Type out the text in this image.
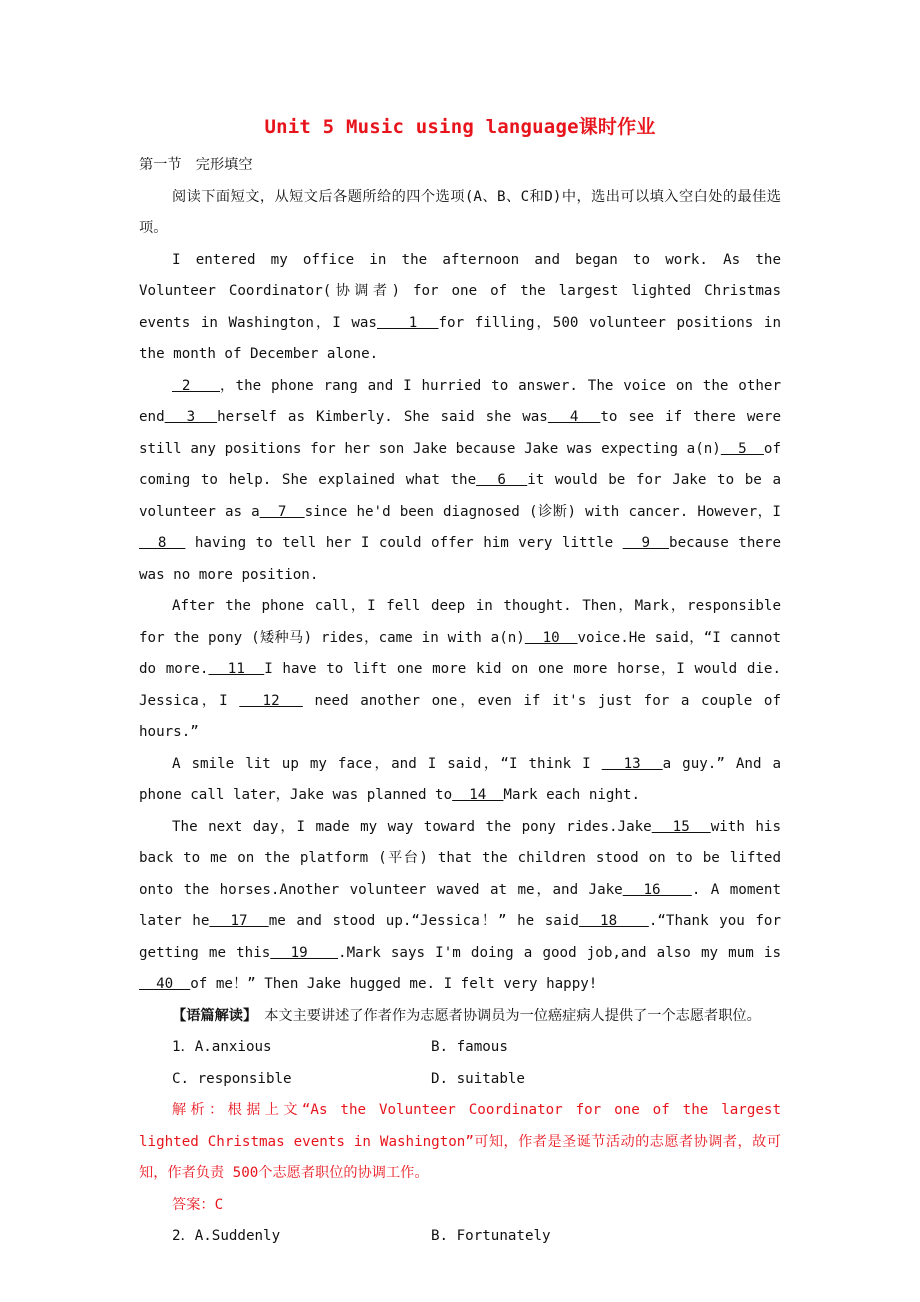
Unit 5 Music using language课时作业

第一节　完形填空

阅读下面短文，从短文后各题所给的四个选项(A、B、C和D)中，选出可以填入空白处的最佳选项。

I entered my office in the afternoon and began to work. As the Volunteer Coordinator(协调者) for one of the largest lighted Christmas events in Washington，I was   1  for filling，500 volunteer positions in the month of December alone.

2   ，the phone rang and I hurried to answer. The voice on the other end  3  herself as Kimberly. She said she was  4  to see if there were still any positions for her son Jake because Jake was expecting a(n)  5  of coming to help. She explained what the  6  it would be for Jake to be a volunteer as a  7  since he'd been diagnosed (诊断) with cancer. However，I   8   having to tell her I could offer him very little   9  because there was no more position.

After the phone call，I fell deep in thought. Then，Mark，responsible for the pony (矮种马) rides，came in with a(n)  10  voice.He said，“I cannot do more.  11  I have to lift one more kid on one more horse，I would die. Jessica，I   12   need another one，even if it's just for a couple of hours.”

A smile lit up my face，and I said，“I think I   13  a guy.” And a phone call later，Jake was planned to  14  Mark each night.

The next day，I made my way toward the pony rides.Jake  15  with his back to me on the platform (平台) that the children stood on to be lifted onto the horses.Another volunteer waved at me，and Jake  16   . A moment later he  17  me and stood up.“Jessica！” he said  18   .“Thank you for getting me this  19   .Mark says I'm doing a good job,and also my mum is  40  of me！” Then Jake hugged me. I felt very happy!

【语篇解读】　本文主要讲述了作者作为志愿者协调员为一位癌症病人提供了一个志愿者职位。

1．A.anxious	B. famous
C. responsible	D. suitable

解析：根据上文“As the Volunteer Coordinator for one of the largest lighted Christmas events in Washington”可知，作者是圣诞节活动的志愿者协调者，故可知，作者负责 500个志愿者职位的协调工作。

答案：C

2．A.Suddenly	B. Fortunately
